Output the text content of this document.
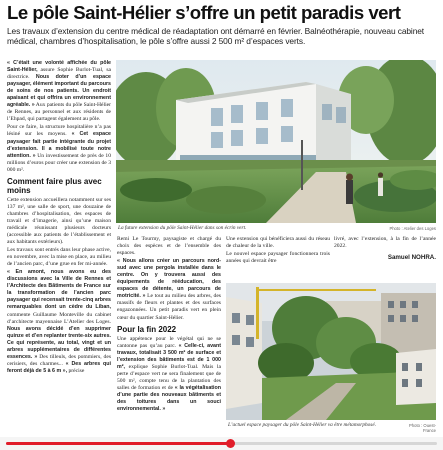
Le pôle Saint-Hélier s’offre un petit paradis vert
Les travaux d’extension du centre médical de réadaptation ont démarré en février. Balnéothérapie, nouveau cabinet médical, chambres d’hospitalisation, le pôle s’offre aussi 2 500 m² d’espaces verts.

« C’était une volonté affichée du pôle Saint-Hélier, assure Sophie Burlot-Tual, sa directrice. Nous doter d’un espace paysager, élément important du parcours de soins de nos patients. Un endroit apaisant et qui offrira un environnement agréable. » Aux patients du pôle Saint-Hélier de Rennes, au personnel et aux résidents de l’Ehpad, qui partagent également au pôle.

Pour ce faire, la structure hospitalière n’a pas lésiné sur les moyens. « Cet espace paysager fait partie intégrante du projet d’extension. Il a mobilisé toute notre attention. » Un investissement de près de 10 millions d’euros pour créer une extension de 3 000 m².

Comment faire plus avec moins

Cette extension accueillera notamment sur ses 137 m², une salle de sport, une douzaine de chambres d’hospitalisation, des espaces de travail et d’imagerie, ainsi qu’une maison médicale réunissant plusieurs docteurs (accessible aux patients de l’établissement et aux habitants extérieurs).

Les travaux sont entrés dans leur phase active, en novembre, avec la mise en place, au milieu de l’ancien parc, d’une grue en fer mi-année.

« En amont, nous avons eu des discussions avec la Ville de Rennes et l’Architecte des Bâtiments de France sur la transformation de l’ancien parc paysager qui recensait trente-cinq arbres remarquables dont un cèdre du Liban, commente Guillaume Monteville du cabinet d’architecte mayennaise L’Atelier des Loges. Nous avons décidé d’en supprimer quinze et d’en replanter trente-six autres. Ce qui représente, au total, vingt et un arbres supplémentaires de différentes essences. » Des tilleuls, des pommiers, des cerisiers, des charmes... « Des arbres qui feront déjà de 5 à 6 m », précise

La future extension du pôle Saint-Hélier dans son écrin vert.	Photo : Atelier des Loges

Remi Le Tourmy, paysagiste et chargé du choix des espèces et de l’ensemble des espaces.

« Nous allons créer un parcours nord-sud avec une pergola installée dans le centre. On y trouvera aussi des équipements de rééducation, des espaces de détente, un parcours de motricité. » Le tout au milieu des arbres, des massifs de fleurs et plantes et des surfaces engazonnées. Un petit paradis vert en plein cœur du quartier Saint-Hélier.

Pour la fin 2022

Une appétence pour le végétal qui ne se cantonne pas qu’au parc. « Celle-ci, avant travaux, totalisait 3 500 m² de surface et l’extension des bâtiments est de 1 000 m², explique Sophie Burlot-Tual. Mais la perte d’espace vert ne sera finalement que de 500 m², compte tenu de la plantation des salles de formation et de « la végétalisation d’une partie des nouveaux bâtiments et des toitures dans un souci environnemental. »

Une extension qui bénéficiera aussi du réseau de chaleur de la ville.

Le nouvel espace paysager fonctionnera trois années qui devrait être

livré, avec l’extension, à la fin de l’année 2022.

Samuel NOHRA.
L’actuel espace paysager du pôle Saint-Hélier va être métamorphosé.	Photo : Ouest-France
